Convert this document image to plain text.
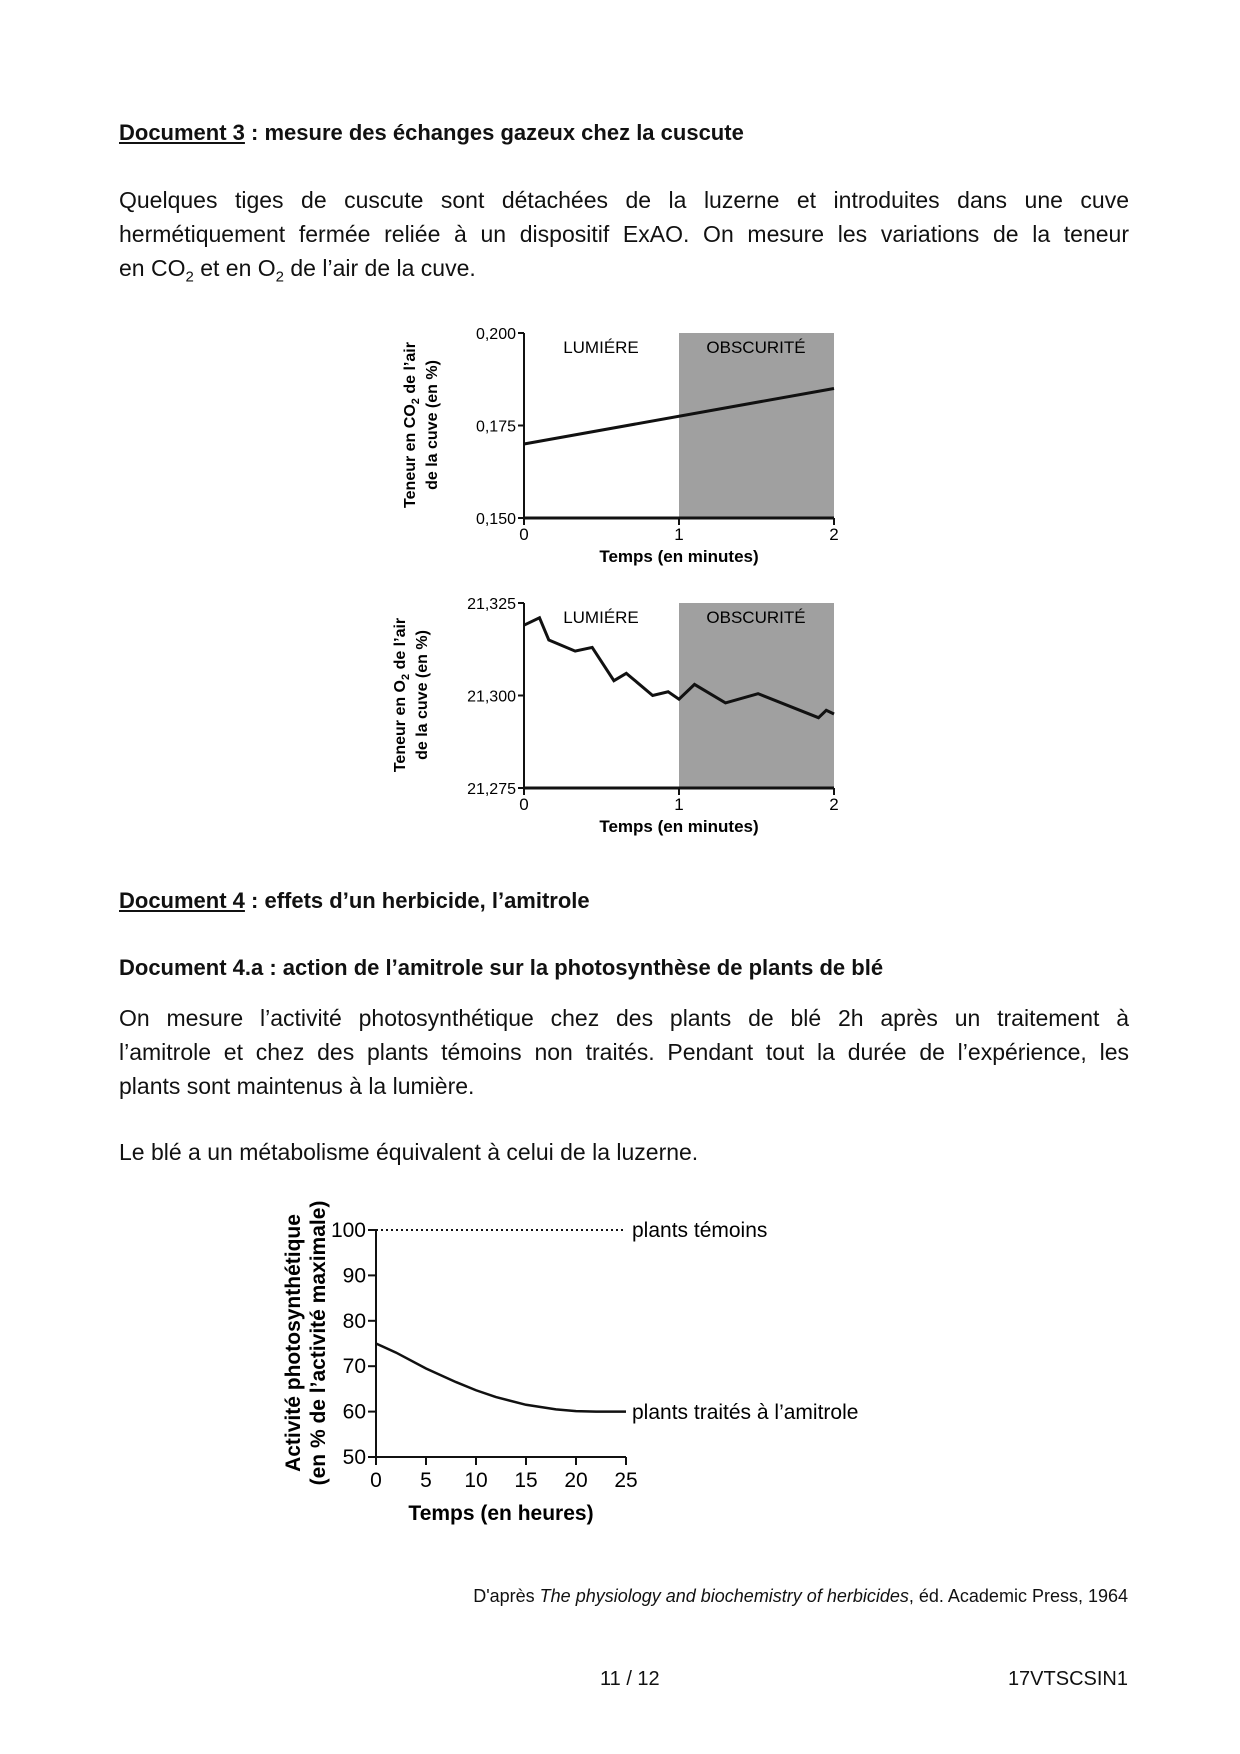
Document 3 : mesure des échanges gazeux chez la cuscute
Quelques tiges de cuscute sont détachées de la luzerne et introduites dans une cuve
hermétiquement fermée reliée à un dispositif ExAO. On mesure les variations de la teneur
en $CO_2$ et en $O_2$ de l’air de la cuve.
0	1	2
0,150
0,175
0,200
LUMIÉRE	OBSCURITÉ
Temps (en minutes)
Teneur en $CO_2$ de l’air de la cuve (en %)
0	1	2
21,275
21,300
21,325
LUMIÉRE	OBSCURITÉ
Temps (en minutes)
Teneur en $O_2$ de l’air de la cuve (en %)
Document 4 : effets d’un herbicide, l’amitrole
Document 4.a : action de l’amitrole sur la photosynthèse de plants de blé
On mesure l’activité photosynthétique chez des plants de blé 2h après un traitement à
l’amitrole et chez des plants témoins non traités. Pendant tout la durée de l’expérience, les
plants sont maintenus à la lumière.
Le blé a un métabolisme équivalent à celui de la luzerne.
0 5 10 15 20 25
50
60
70
80
90
100	plants témoins
plants traités à l’amitrole
Temps (en heures)
Activité photosynthétique (en % de l’activité maximale)
D'après The physiology and biochemistry of herbicides, éd. Academic Press, 1964
11 / 12	17VTSCSIN1
